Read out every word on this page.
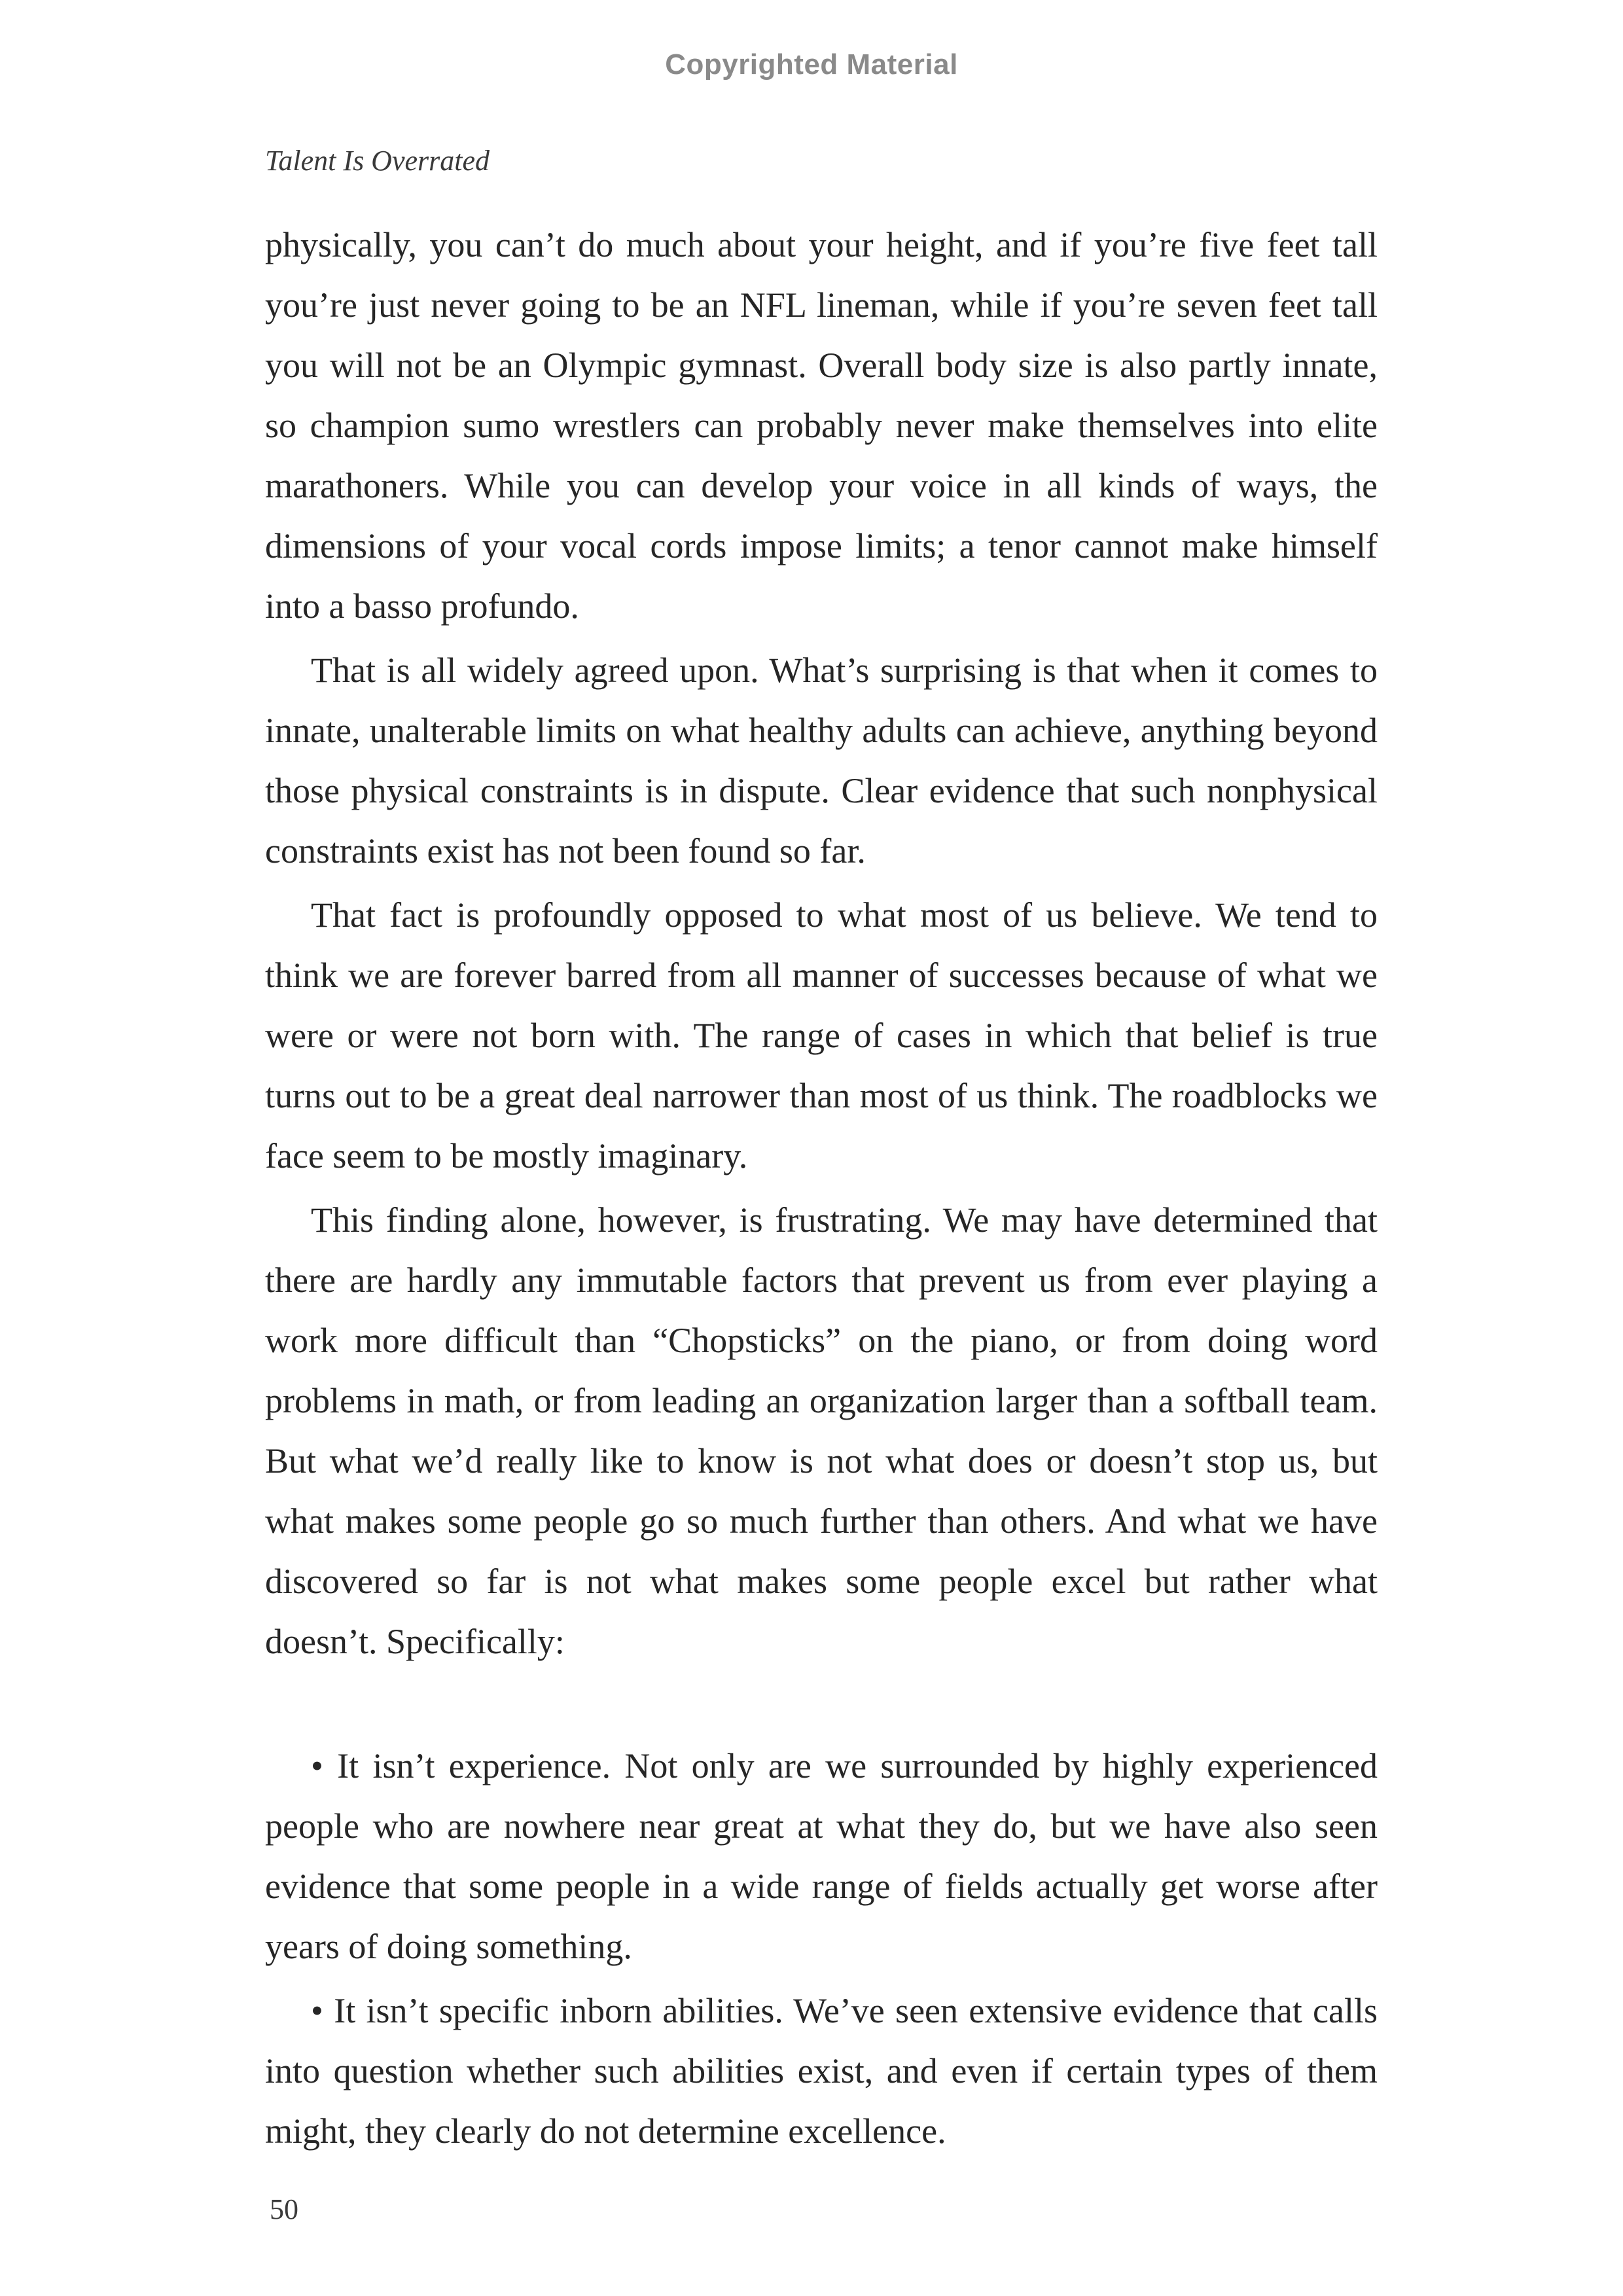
Copyrighted Material
Talent Is Overrated

physically, you can’t do much about your height, and if you’re five feet tall you’re just never going to be an NFL lineman, while if you’re seven feet tall you will not be an Olympic gymnast. Overall body size is also partly innate, so champion sumo wrestlers can probably never make themselves into elite marathoners. While you can develop your voice in all kinds of ways, the dimensions of your vocal cords impose limits; a tenor cannot make himself into a basso profundo.

That is all widely agreed upon. What’s surprising is that when it comes to innate, unalterable limits on what healthy adults can achieve, anything beyond those physical constraints is in dispute. Clear evidence that such nonphysical constraints exist has not been found so far.

That fact is profoundly opposed to what most of us believe. We tend to think we are forever barred from all manner of successes because of what we were or were not born with. The range of cases in which that belief is true turns out to be a great deal narrower than most of us think. The roadblocks we face seem to be mostly imaginary.

This finding alone, however, is frustrating. We may have determined that there are hardly any immutable factors that prevent us from ever playing a work more difficult than “Chopsticks” on the piano, or from doing word problems in math, or from leading an organization larger than a softball team. But what we’d really like to know is not what does or doesn’t stop us, but what makes some people go so much further than others. And what we have discovered so far is not what makes some people excel but rather what doesn’t. Specifically:

• It isn’t experience. Not only are we surrounded by highly experienced people who are nowhere near great at what they do, but we have also seen evidence that some people in a wide range of fields actually get worse after years of doing something.

• It isn’t specific inborn abilities. We’ve seen extensive evidence that calls into question whether such abilities exist, and even if certain types of them might, they clearly do not determine excellence.

50
